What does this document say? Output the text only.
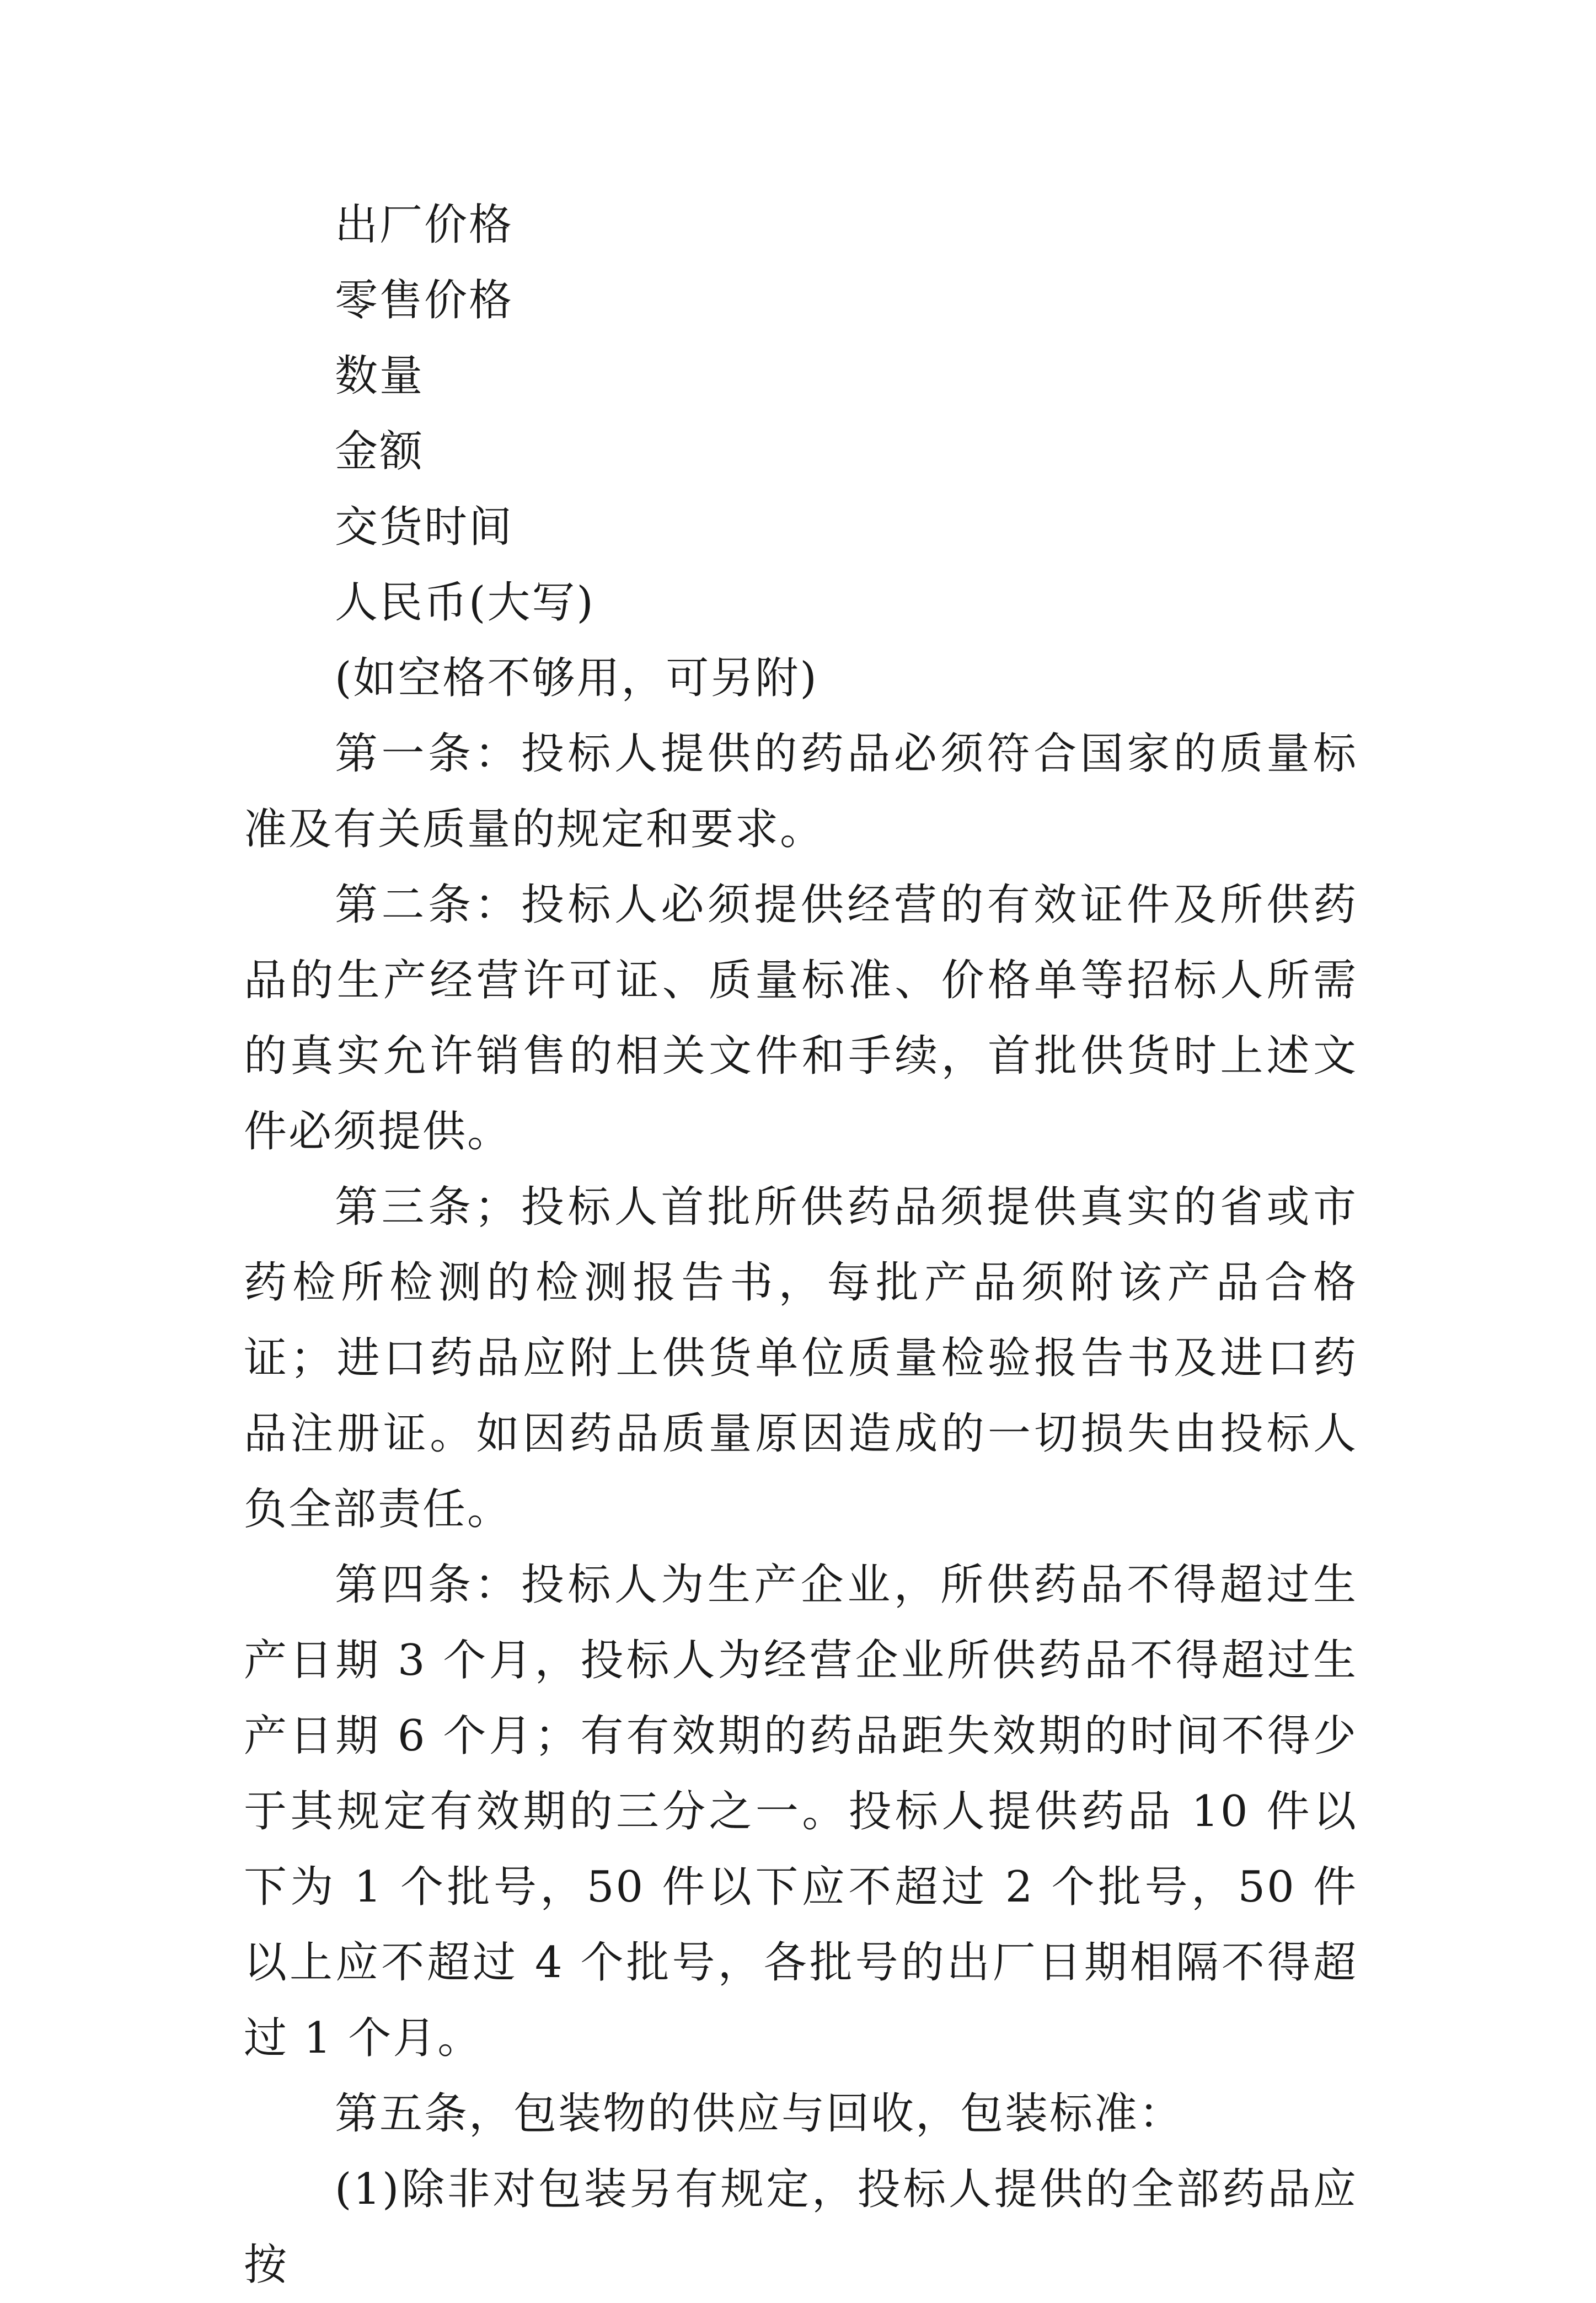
出厂价格
零售价格
数量
金额
交货时间
人民币(大写)
(如空格不够用，可另附)

第一条：投标人提供的药品必须符合国家的质量标准及有关质量的规定和要求。

第二条：投标人必须提供经营的有效证件及所供药品的生产经营许可证、质量标准、价格单等招标人所需的真实允许销售的相关文件和手续，首批供货时上述文件必须提供。

第三条；投标人首批所供药品须提供真实的省或市药检所检测的检测报告书，每批产品须附该产品合格证；进口药品应附上供货单位质量检验报告书及进口药品注册证。如因药品质量原因造成的一切损失由投标人负全部责任。

第四条：投标人为生产企业，所供药品不得超过生产日期 3 个月，投标人为经营企业所供药品不得超过生产日期 6 个月；有有效期的药品距失效期的时间不得少于其规定有效期的三分之一。投标人提供药品 10 件以下为 1 个批号，50 件以下应不超过 2 个批号，50 件以上应不超过 4 个批号，各批号的出厂日期相隔不得超过 1 个月。

第五条，包装物的供应与回收，包装标准：

(1)除非对包装另有规定，投标人提供的全部药品应按
